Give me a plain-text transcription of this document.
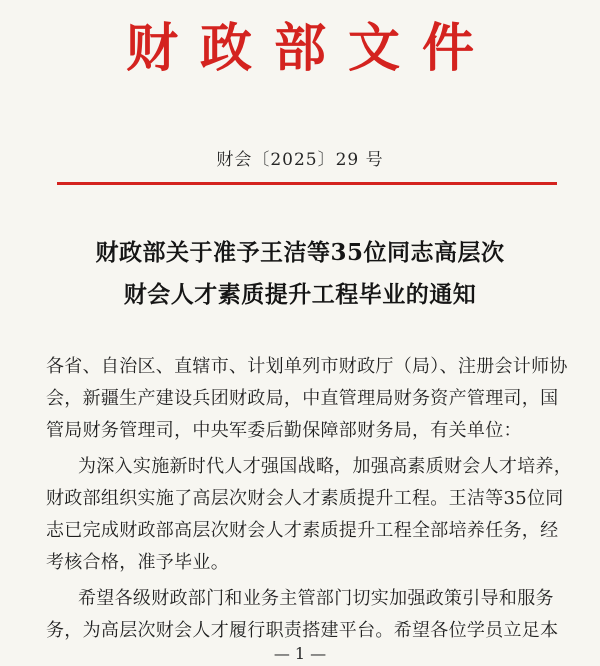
财政部文件
财会〔2025〕29 号
财政部关于准予王洁等35位同志高层次
财会人才素质提升工程毕业的通知
各省、自治区、直辖市、计划单列市财政厅（局）、注册会计师协
会，新疆生产建设兵团财政局，中直管理局财务资产管理司，国
管局财务管理司，中央军委后勤保障部财务局，有关单位：
为深入实施新时代人才强国战略，加强高素质财会人才培养，
财政部组织实施了高层次财会人才素质提升工程。王洁等35位同
志已完成财政部高层次财会人才素质提升工程全部培养任务，经
考核合格，准予毕业。
希望各级财政部门和业务主管部门切实加强政策引导和服务
务，为高层次财会人才履行职责搭建平台。希望各位学员立足本
— 1 —
